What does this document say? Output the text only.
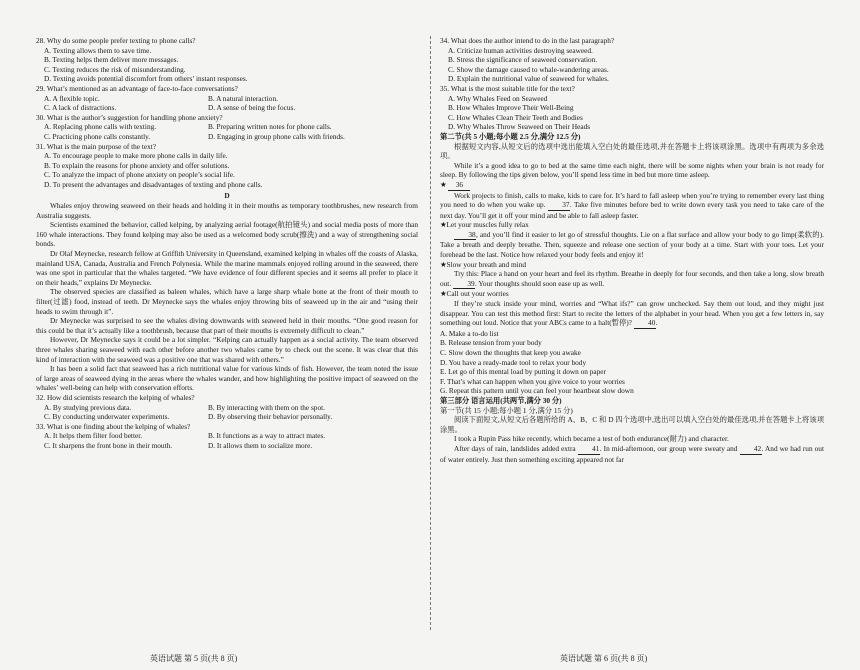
28. Why do some people prefer texting to phone calls?

A. Texting allows them to save time.

B. Texting helps them deliver more messages.

C. Texting reduces the risk of misunderstanding.

D. Texting avoids potential discomfort from others’ instant responses.

29. What’s mentioned as an advantage of face-to-face conversations?

A. A flexible topic.	B. A natural interaction.
C. A lack of distractions.	D. A sense of being the focus.

30. What is the author’s suggestion for handling phone anxiety?

A. Replacing phone calls with texting.	B. Preparing written notes for phone calls.
C. Practicing phone calls constantly.	D. Engaging in group phone calls with friends.

31. What is the main purpose of the text?

A. To encourage people to make more phone calls in daily life.

B. To explain the reasons for phone anxiety and offer solutions.

C. To analyze the impact of phone anxiety on people’s social life.

D. To present the advantages and disadvantages of texting and phone calls.

D

Whales enjoy throwing seaweed on their heads and holding it in their mouths as temporary toothbrushes, new research from Australia suggests.

Scientists examined the behavior, called kelping, by analyzing aerial footage(航拍镜头) and social media posts of more than 160 whale interactions. They found kelping may also be used as a welcomed body scrub(擦洗) and a way of strengthening social bonds.

Dr Olaf Meynecke, research fellow at Griffith University in Queensland, examined kelping in whales off the coasts of Alaska, mainland USA, Canada, Australia and French Polynesia. While the marine mammals enjoyed rolling around in the seaweed, there was one spot in particular that the whales targeted. “We have evidence of four different species and it seems all prefer to place it on their heads,” explains Dr Meynecke.

The observed species are classified as baleen whales, which have a large sharp whale bone at the front of their mouth to filter(过滤) food, instead of teeth. Dr Meynecke says the whales enjoy throwing bits of seaweed up in the air and “using their heads to swim through it”.

Dr Meynecke was surprised to see the whales diving downwards with seaweed held in their mouths. “One good reason for this could be that it’s actually like a toothbrush, because that part of their mouths is extremely difficult to clean.”

However, Dr Meynecke says it could be a lot simpler. “Kelping can actually happen as a social activity. The team observed three whales sharing seaweed with each other before another two whales came by to check out the scene. It was clear that this kind of interaction with the seaweed was a positive one that was shared with others.”

It has been a solid fact that seaweed has a rich nutritional value for various kinds of fish. However, the team noted the issue of large areas of seaweed dying in the areas where the whales wander, and how highlighting the positive impact of seaweed on the whales’ well-being can help with conservation efforts.

32. How did scientists research the kelping of whales?

A. By studying previous data.	B. By interacting with them on the spot.
C. By conducting underwater experiments.	D. By observing their behavior personally.

33. What is one finding about the kelping of whales?

A. It helps them filter food better.	B. It functions as a way to attract mates.
C. It sharpens the front bone in their mouth.	D. It allows them to socialize more.

34. What does the author intend to do in the last paragraph?

A. Criticize human activities destroying seaweed.

B. Stress the significance of seaweed conservation.

C. Show the damage caused to whale-wandering areas.

D. Explain the nutritional value of seaweed for whales.

35. What is the most suitable title for the text?

A. Why Whales Feed on Seaweed

B. How Whales Improve Their Well-Being

C. How Whales Clean Their Teeth and Bodies

D. Why Whales Throw Seaweed on Their Heads

第二节(共 5 小题;每小题 2.5 分,满分 12.5 分)

根据短文内容,从短文后的选项中选出能填入空白处的最佳选项,并在答题卡上将该项涂黑。选项中有两项为多余选项。

While it’s a good idea to go to bed at the same time each night, there will be some nights when your brain is not ready for sleep. By following the tips given below, you’ll spend less time in bed but more time asleep.

★ 36

Work projects to finish, calls to make, kids to care for. It’s hard to fall asleep when you’re trying to remember every last thing you need to do when you wake up. 37. Take five minutes before bed to write down every task you need to take care of the next day. You’ll get it off your mind and be able to fall asleep faster.

★Let your muscles fully relax

38, and you’ll find it easier to let go of stressful thoughts. Lie on a flat surface and allow your body to go limp(柔软的). Take a breath and deeply breathe. Then, squeeze and release one section of your body at a time. Start with your toes. Let your forehead be the last. Notice how relaxed your body feels and enjoy it!

★Slow your breath and mind

Try this: Place a hand on your heart and feel its rhythm. Breathe in deeply for four seconds, and then take a long, slow breath out. 39. Your thoughts should soon ease up as well.

★Call out your worries

If they’re stuck inside your mind, worries and “What ifs?” can grow unchecked. Say them out loud, and they might just disappear. You can test this method first: Start to recite the letters of the alphabet in your head. When you get a few letters in, say something out loud. Notice that your ABCs came to a halt(暂停)? 40.

A. Make a to-do list

B. Release tension from your body

C. Slow down the thoughts that keep you awake

D. You have a ready-made tool to relax your body

E. Let go of this mental load by putting it down on paper

F. That’s what can happen when you give voice to your worries

G. Repeat this pattern until you can feel your heartbeat slow down

第三部分 语言运用(共两节,满分 30 分)

第一节(共 15 小题;每小题 1 分,满分 15 分)

阅读下面短文,从短文后各题所给的 A、B、C 和 D 四个选项中,选出可以填入空白处的最佳选项,并在答题卡上将该项涂黑。

I took a Rupin Pass hike recently, which became a test of both endurance(耐力) and character.

After days of rain, landslides added extra 41. In mid-afternoon, our group were sweaty and 42. And we had run out of water entirely. Just then something exciting appeared not far

英语试题 第 5 页(共 8 页)	英语试题 第 6 页(共 8 页)
